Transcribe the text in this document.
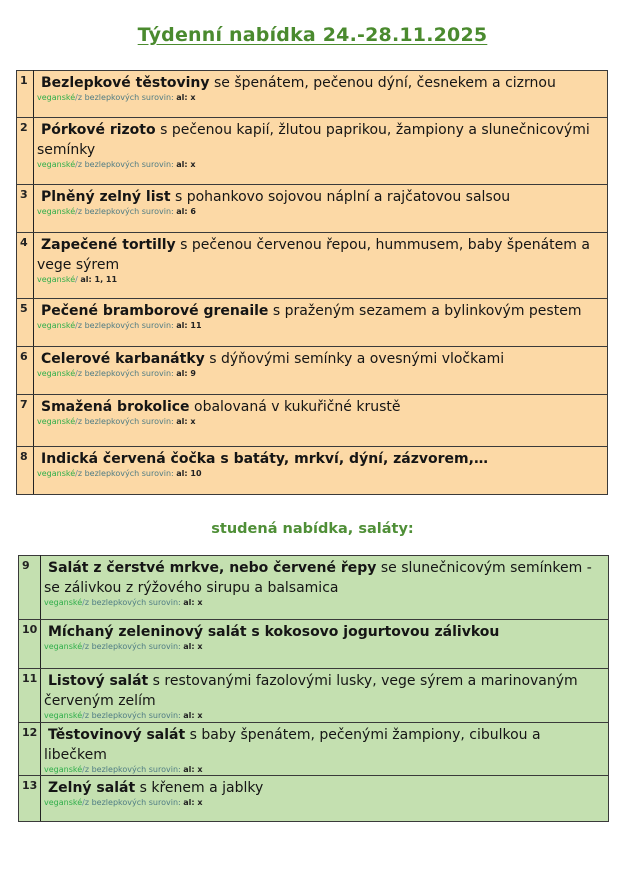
Týdenní nabídka 24.-28.11.2025
1	Bezlepkové těstoviny se špenátem, pečenou dýní, česnekem a cizrnou
veganské/z bezlepkových surovin: al: x

2	Pórkové rizoto s pečenou kapií, žlutou paprikou, žampiony a slunečnicovými semínky
veganské/z bezlepkových surovin: al: x

3	Plněný zelný list s pohankovo sojovou náplní a rajčatovou salsou
veganské/z bezlepkových surovin: al: 6

4	Zapečené tortilly s pečenou červenou řepou, hummusem, baby špenátem a vege sýrem
veganské/ al: 1, 11

5	Pečené bramborové grenaile s praženým sezamem a bylinkovým pestem
veganské/z bezlepkových surovin: al: 11

6	Celerové karbanátky s dýňovými semínky a ovesnými vločkami
veganské/z bezlepkových surovin: al: 9

7	Smažená brokolice obalovaná v kukuřičné krustě
veganské/z bezlepkových surovin: al: x

8	Indická červená čočka s batáty, mrkví, dýní, zázvorem,…
veganské/z bezlepkových surovin: al: 10
studená nabídka, saláty:
9	Salát z čerstvé mrkve, nebo červené řepy se slunečnicovým semínkem - se zálivkou z rýžového sirupu a balsamica
veganské/z bezlepkových surovin: al: x

10	Míchaný zeleninový salát s kokosovo jogurtovou zálivkou
veganské/z bezlepkových surovin: al: x

11	Listový salát s restovanými fazolovými lusky, vege sýrem a marinovaným červeným zelím
veganské/z bezlepkových surovin: al: x

12	Těstovinový salát s baby špenátem, pečenými žampiony, cibulkou a libečkem
veganské/z bezlepkových surovin: al: x

13	Zelný salát s křenem a jablky
veganské/z bezlepkových surovin: al: x
